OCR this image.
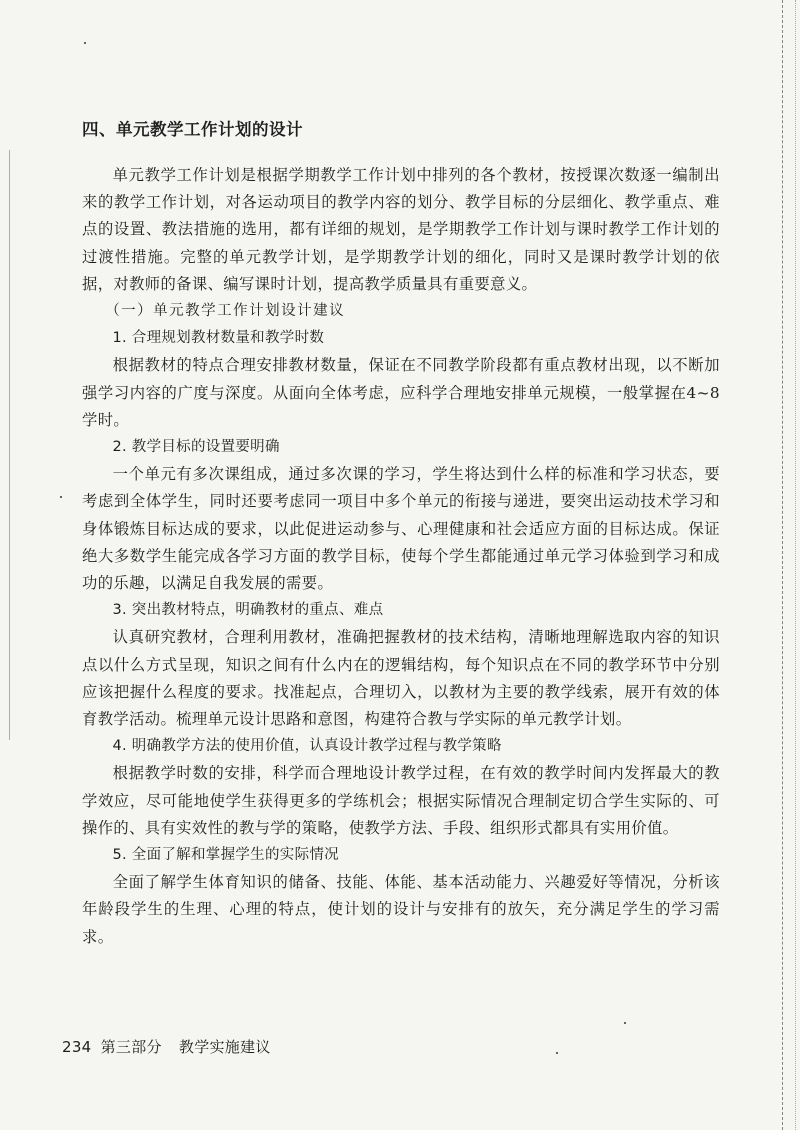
四、单元教学工作计划的设计

单元教学工作计划是根据学期教学工作计划中排列的各个教材，按授课次数逐一编制出来的教学工作计划，对各运动项目的教学内容的划分、教学目标的分层细化、教学重点、难点的设置、教法措施的选用，都有详细的规划，是学期教学工作计划与课时教学工作计划的过渡性措施。完整的单元教学计划，是学期教学计划的细化，同时又是课时教学计划的依据，对教师的备课、编写课时计划，提高教学质量具有重要意义。

（一）单元教学工作计划设计建议

1. 合理规划教材数量和教学时数

根据教材的特点合理安排教材数量，保证在不同教学阶段都有重点教材出现，以不断加强学习内容的广度与深度。从面向全体考虑，应科学合理地安排单元规模，一般掌握在4~8学时。

2. 教学目标的设置要明确

一个单元有多次课组成，通过多次课的学习，学生将达到什么样的标准和学习状态，要考虑到全体学生，同时还要考虑同一项目中多个单元的衔接与递进，要突出运动技术学习和身体锻炼目标达成的要求，以此促进运动参与、心理健康和社会适应方面的目标达成。保证绝大多数学生能完成各学习方面的教学目标，使每个学生都能通过单元学习体验到学习和成功的乐趣，以满足自我发展的需要。

3. 突出教材特点，明确教材的重点、难点

认真研究教材，合理利用教材，准确把握教材的技术结构，清晰地理解选取内容的知识点以什么方式呈现，知识之间有什么内在的逻辑结构，每个知识点在不同的教学环节中分别应该把握什么程度的要求。找准起点，合理切入，以教材为主要的教学线索，展开有效的体育教学活动。梳理单元设计思路和意图，构建符合教与学实际的单元教学计划。

4. 明确教学方法的使用价值，认真设计教学过程与教学策略

根据教学时数的安排，科学而合理地设计教学过程，在有效的教学时间内发挥最大的教学效应，尽可能地使学生获得更多的学练机会；根据实际情况合理制定切合学生实际的、可操作的、具有实效性的教与学的策略，使教学方法、手段、组织形式都具有实用价值。

5. 全面了解和掌握学生的实际情况

全面了解学生体育知识的储备、技能、体能、基本活动能力、兴趣爱好等情况，分析该年龄段学生的生理、心理的特点，使计划的设计与安排有的放矢，充分满足学生的学习需求。

234 第三部分 教学实施建议
